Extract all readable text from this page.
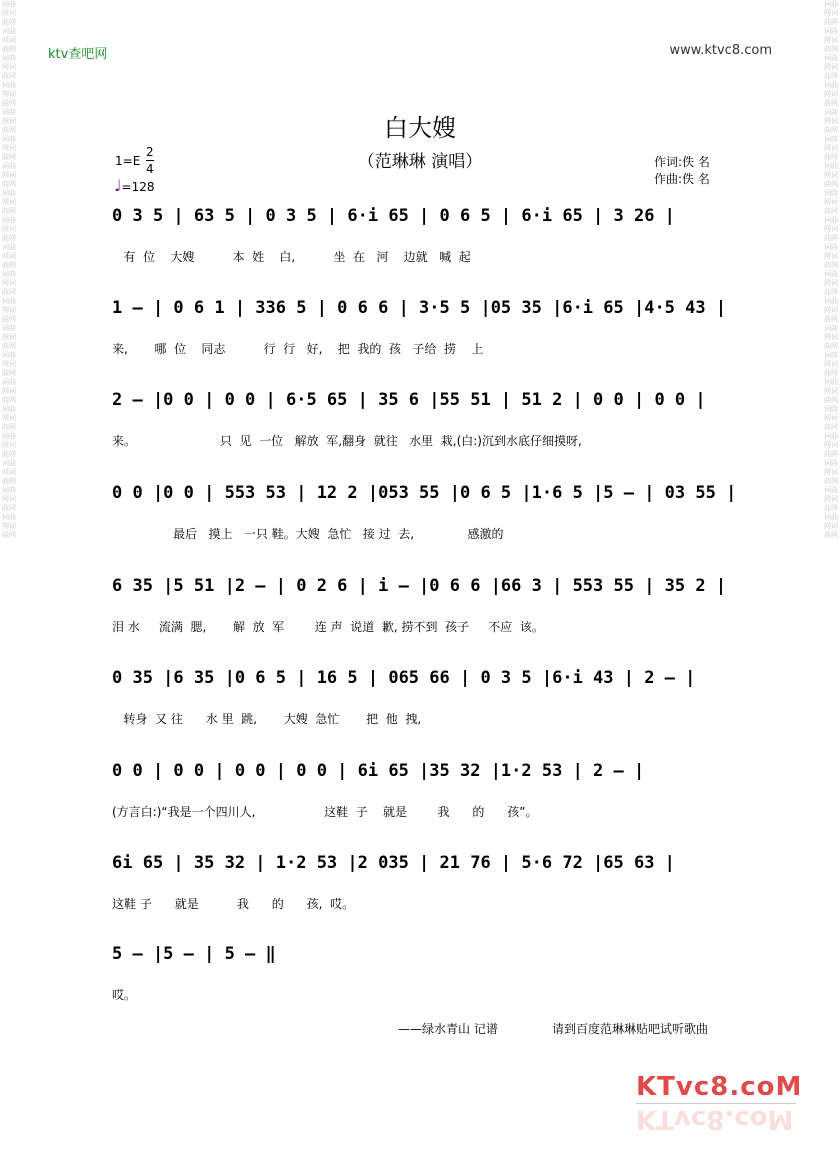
词曲网词曲网词曲网词曲网词曲网词曲网词曲网词曲网词曲网词曲网词曲网词曲网词曲网词曲网词曲网词曲网词曲网词曲网词曲网词曲网词曲网词曲网词曲网词曲网词曲网词曲网词曲网词曲网词曲网词曲网词曲网词曲网词曲网词曲网词曲网词曲网词曲网词曲网词曲网词曲网
词曲网词曲网词曲网词曲网词曲网词曲网词曲网词曲网词曲网词曲网词曲网词曲网词曲网词曲网词曲网词曲网词曲网词曲网词曲网词曲网词曲网词曲网词曲网词曲网词曲网词曲网词曲网词曲网词曲网词曲网词曲网词曲网词曲网词曲网词曲网词曲网词曲网词曲网词曲网词曲网
ktv查吧网	www.ktvc8.com
白大嫂
（范琳琳 演唱）
1=E
2
4
♩=128
作词:佚 名
作曲:佚 名
0 3 5 | 63 5 | 0 3 5 | 6·i 65 | 0 6 5 | 6·i 65 | 3 26 |
有  位    大嫂          本  姓    白,          坐  在   河    边就   喊  起
1 – | 0 6 1 | 336 5 | 0 6 6 | 3·5 5 |05 35 |6·i 65 |4·5 43 |
来,       哪  位    同志          行  行   好,    把  我的  孩   子给  捞    上
2 – |0 0 | 0 0 | 6·5 65 | 35 6 |55 51 | 51 2 | 0 0 | 0 0 |
来。                      只  见  一位   解放  军,翻身  就往   水里  栽,(白:)沉到水底仔细摸呀,
0 0 |0 0 | 553 53 | 12 2 |053 55 |0 6 5 |1·6 5 |5 – | 03 55 |
最后   摸上   一只 鞋。大嫂  急忙   接 过  去,              感激的
6 35 |5 51 |2 – | 0 2 6 | i – |0 6 6 |66 3 | 553 55 | 35 2 |
泪 水     流满  腮,       解  放  军        连 声  说道  歉, 捞不到  孩子     不应  该。
0 35 |6 35 |0 6 5 | 16 5 | 065 66 | 0 3 5 |6·i 43 | 2 – |
转身  又 往      水 里  跳,       大嫂  急忙       把  他  拽,
0 0 | 0 0 | 0 0 | 0 0 | 6i 65 |35 32 |1·2 53 | 2 – |
(方言白:)“我是一个四川人,                  这鞋  子    就是        我      的      孩”。
6i 65 | 35 32 | 1·2 53 |2 035 | 21 76 | 5·6 72 |65 63 |
这鞋 子      就是          我      的      孩,  哎。
5 – |5 – | 5 – ‖
哎。
——绿水青山 记谱	请到百度范琳琳贴吧试听歌曲
KTvc8.coM
KTvc8.coM
